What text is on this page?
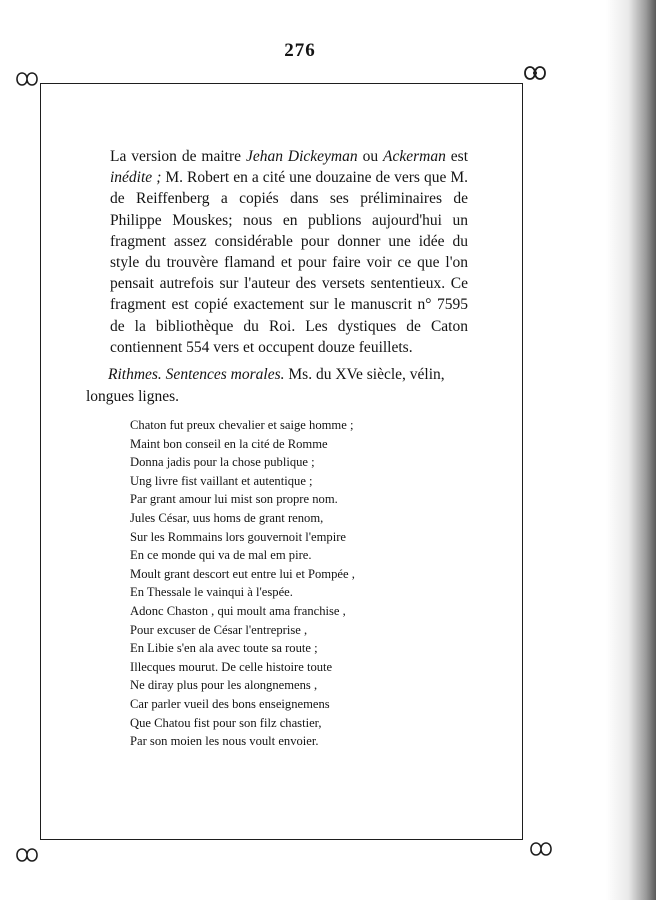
276

La version de maitre Jehan Dickeyman ou Ackerman est inédite ; M. Robert en a cité une douzaine de vers que M. de Reiffenberg a copiés dans ses préliminaires de Philippe Mouskes; nous en publions aujourd'hui un fragment assez considérable pour donner une idée du style du trouvère flamand et pour faire voir ce que l'on pensait autrefois sur l'auteur des versets sententieux. Ce fragment est copié exactement sur le manuscrit n° 7595 de la bibliothèque du Roi. Les dystiques de Caton contiennent 554 vers et occupent douze feuillets.

Rithmes. Sentences morales. Ms. du XVe siècle, vélin, longues lignes.

Chaton fut preux chevalier et saige homme ;
Maint bon conseil en la cité de Romme
Donna jadis pour la chose publique ;
Ung livre fist vaillant et autentique ;
Par grant amour lui mist son propre nom.
Jules César, uus homs de grant renom,
Sur les Rommains lors gouvernoit l'empire
En ce monde qui va de mal em pire.
Moult grant descort eut entre lui et Pompée ,
En Thessale le vainqui à l'espée.
Adonc Chaston , qui moult ama franchise ,
Pour excuser de César l'entreprise ,
En Libie s'en ala avec toute sa route ;
Illecques mourut. De celle histoire toute
Ne diray plus pour les alongnemens ,
Car parler vueil des bons enseignemens
Que Chatou fist pour son filz chastier,
Par son moien les nous voult envoier.
